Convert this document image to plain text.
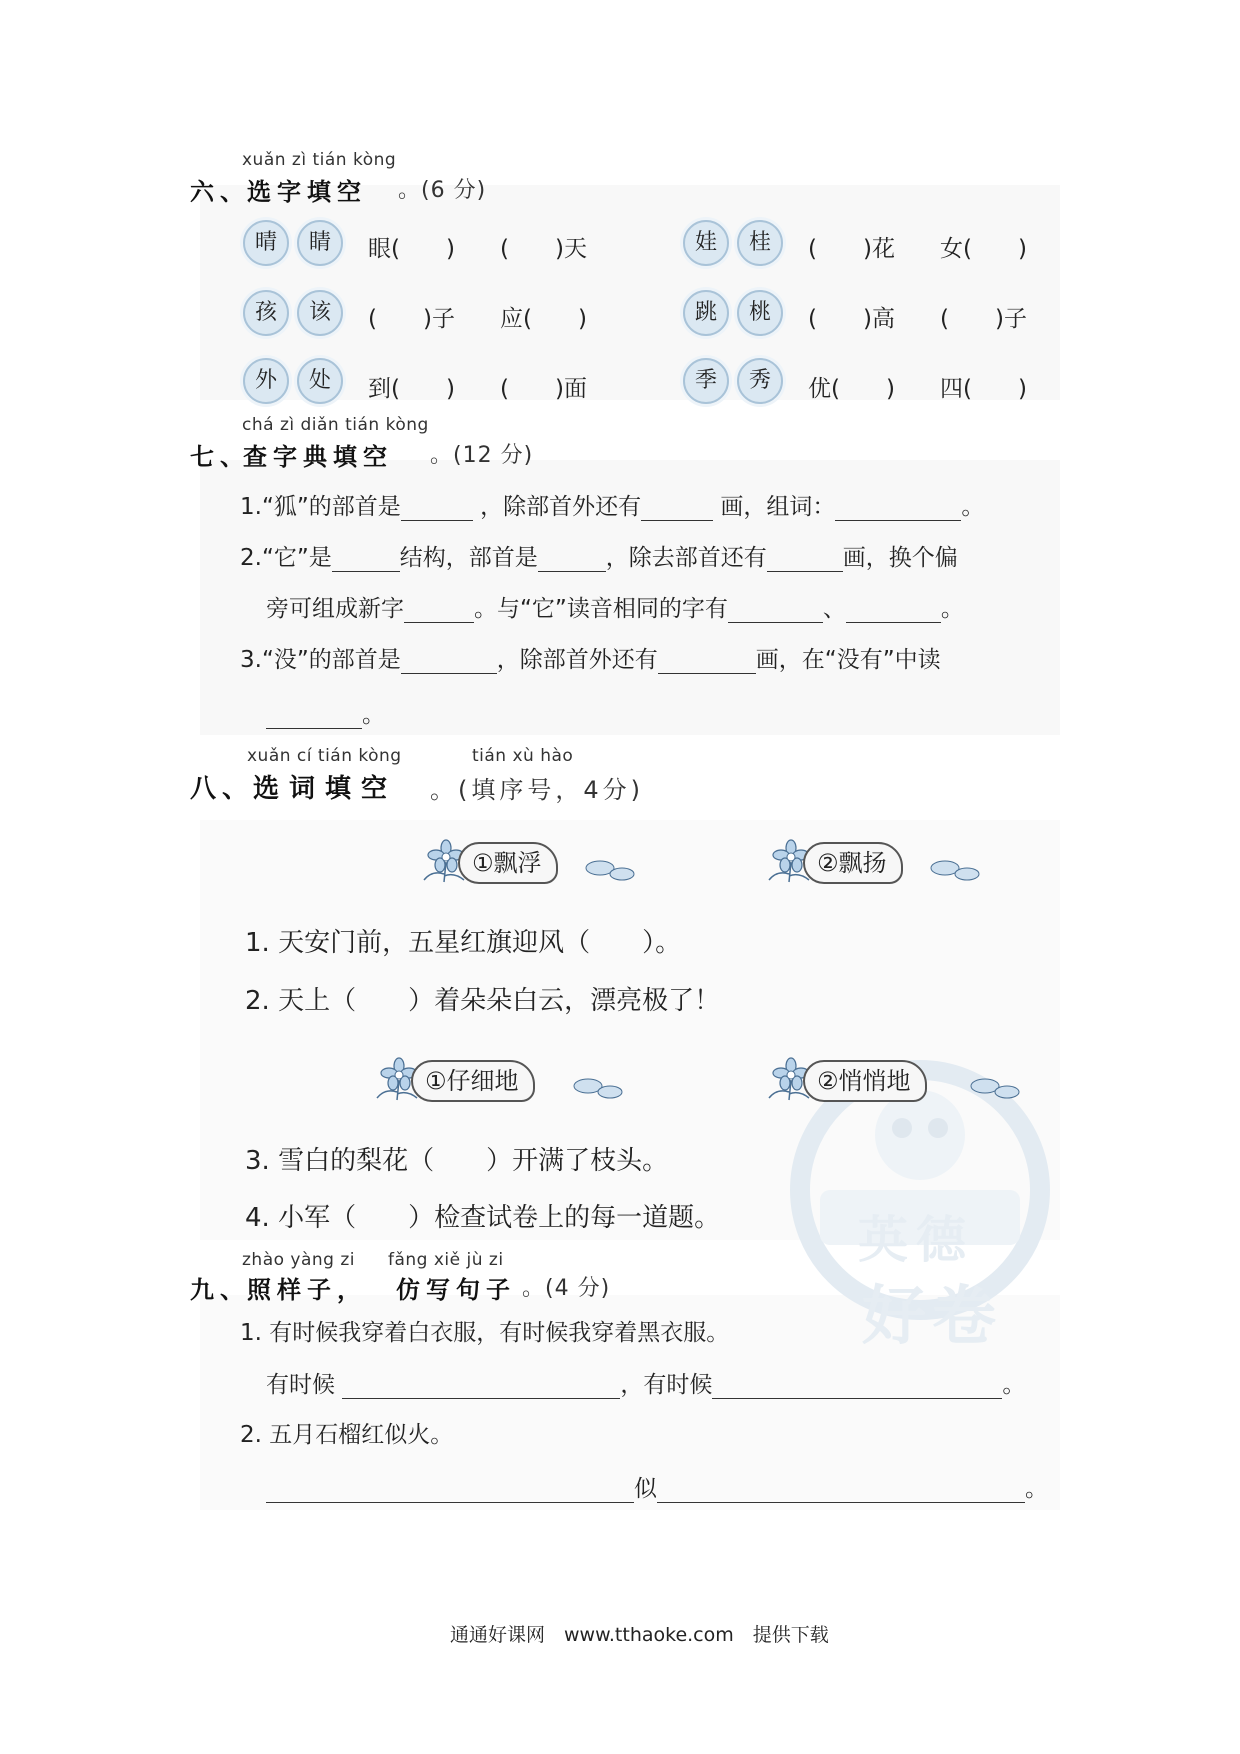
英德
好卷
xuǎn zì tián kòng
六、
选字填空 。(6 分)
晴	睛	眼(　　) (　　)天	娃	桂	(　　)花 女(　　)
孩	该	(　　)子 应(　　)	跳	桃	(　　)高 (　　)子
外	处	到(　　) (　　)面	季	秀	优(　　) 四(　　)
chá zì diǎn tián kòng
七、
查字典填空 。(12 分)
1.“狐”的部首是	，除部首外还有	画，组词：	。
2.“它”是	结构，部首是	，除去部首还有	画，换个偏
旁可组成新字	。与“它”读音相同的字有	、	。
3.“没”的部首是	，除部首外还有	画，在“没有”中读
。
xuǎn cí tián kòng	tián xù hào
八、
选词填空 。(填序号，4分)
①飘浮	②飘扬
1. 天安门前，五星红旗迎风（　　）。
2. 天上（　　）着朵朵白云，漂亮极了！
①仔细地	②悄悄地
3. 雪白的梨花（　　）开满了枝头。
4. 小军（　　）检查试卷上的每一道题。
zhào yàng zi fǎng xiě jù zi
九、
照样子， 仿写句子 。(4 分)
1. 有时候我穿着白衣服，有时候我穿着黑衣服。
有时候	，有时候	。
2. 五月石榴红似火。
似	。
通通好课网　www.tthaoke.com　提供下载
